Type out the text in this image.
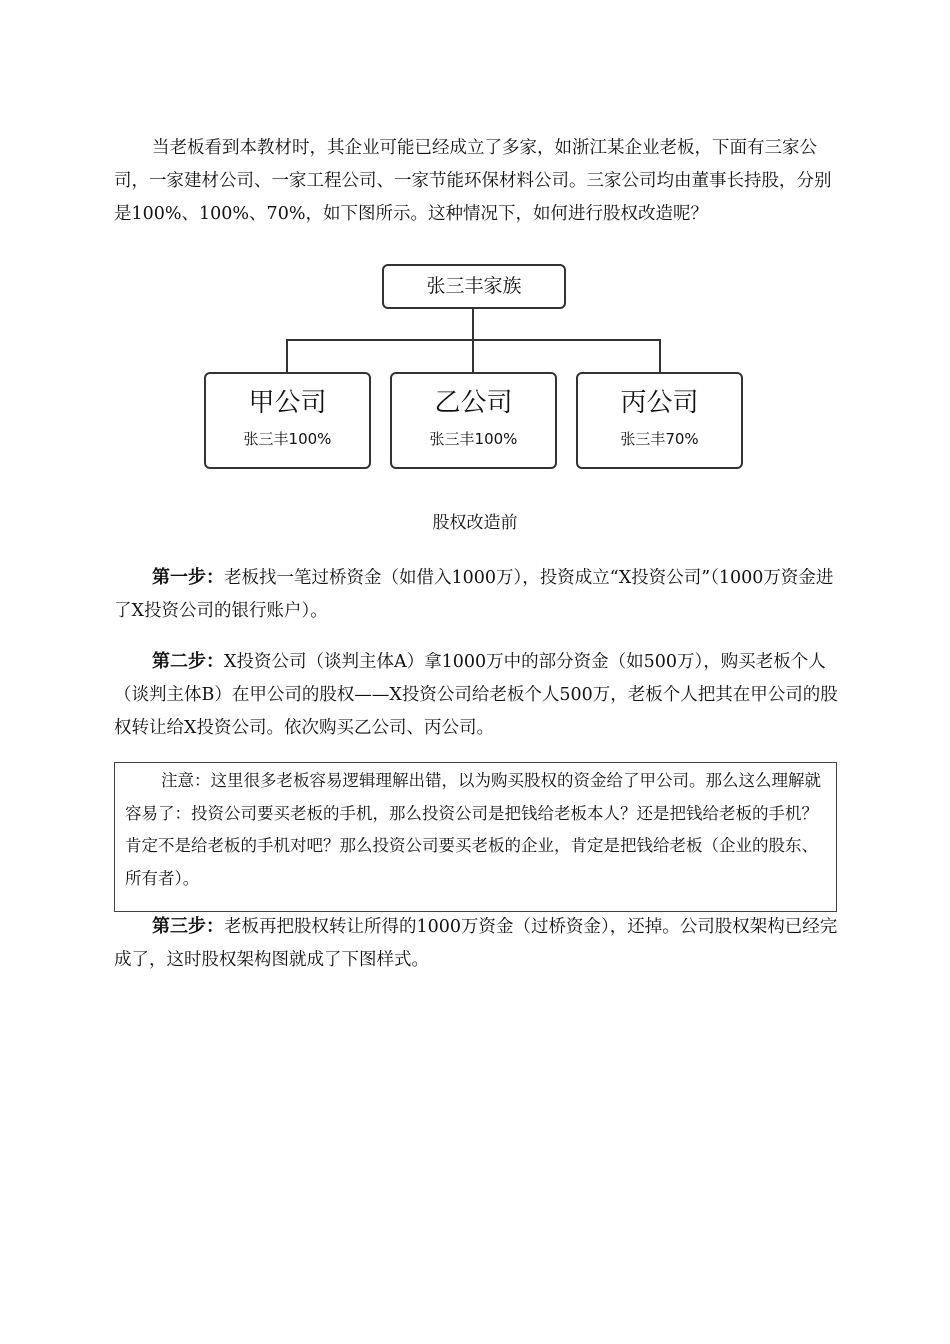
当老板看到本教材时，其企业可能已经成立了多家，如浙江某企业老板，下面有三家公司，一家建材公司、一家工程公司、一家节能环保材料公司。三家公司均由董事长持股，分别是100%、100%、70%，如下图所示。这种情况下，如何进行股权改造呢？

张三丰家族
甲公司
张三丰100%
乙公司
张三丰100%
丙公司
张三丰70%

股权改造前

第一步：老板找一笔过桥资金（如借入1000万），投资成立“X投资公司”（1000万资金进了X投资公司的银行账户）。

第二步：X投资公司（谈判主体A）拿1000万中的部分资金（如500万），购买老板个人（谈判主体B）在甲公司的股权——X投资公司给老板个人500万，老板个人把其在甲公司的股权转让给X投资公司。依次购买乙公司、丙公司。

注意：这里很多老板容易逻辑理解出错，以为购买股权的资金给了甲公司。那么这么理解就容易了：投资公司要买老板的手机，那么投资公司是把钱给老板本人？还是把钱给老板的手机？肯定不是给老板的手机对吧？那么投资公司要买老板的企业，肯定是把钱给老板（企业的股东、所有者）。

第三步：老板再把股权转让所得的1000万资金（过桥资金），还掉。公司股权架构已经完成了，这时股权架构图就成了下图样式。
